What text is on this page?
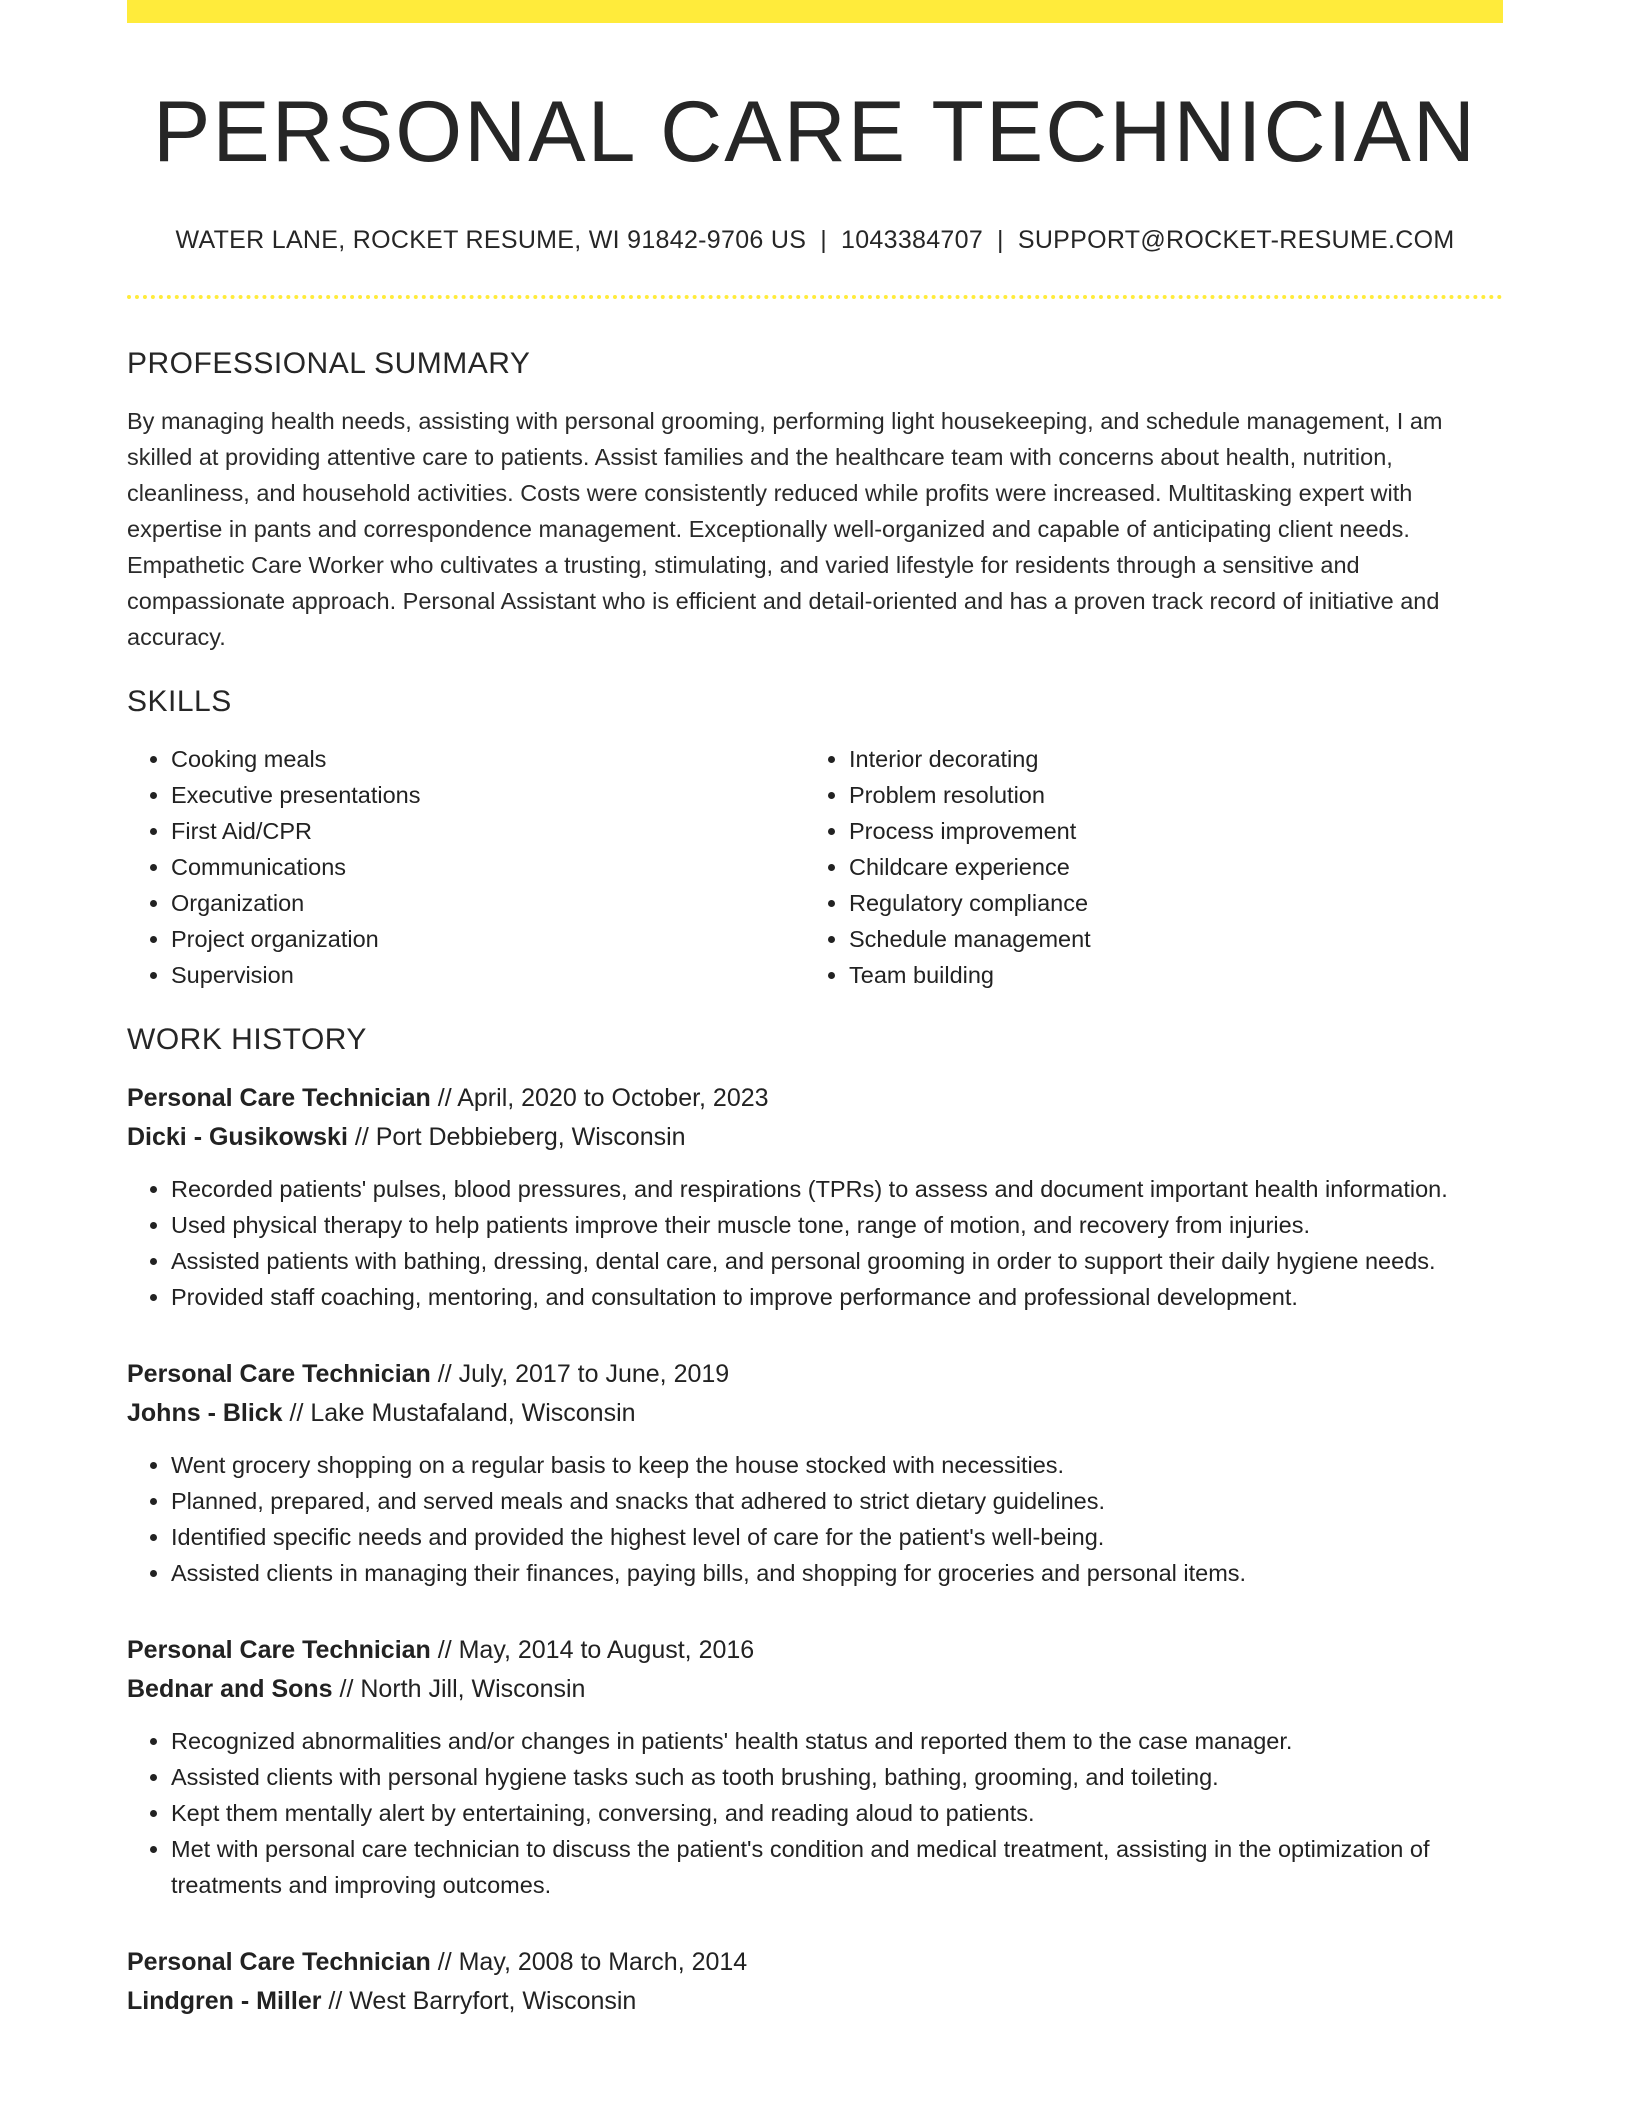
PERSONAL CARE TECHNICIAN
WATER LANE, ROCKET RESUME, WI 91842-9706 US | 1043384707 | SUPPORT@ROCKET-RESUME.COM
PROFESSIONAL SUMMARY

By managing health needs, assisting with personal grooming, performing light housekeeping, and schedule management, I am skilled at providing attentive care to patients. Assist families and the healthcare team with concerns about health, nutrition, cleanliness, and household activities. Costs were consistently reduced while profits were increased. Multitasking expert with expertise in pants and correspondence management. Exceptionally well-organized and capable of anticipating client needs. Empathetic Care Worker who cultivates a trusting, stimulating, and varied lifestyle for residents through a sensitive and compassionate approach. Personal Assistant who is efficient and detail-oriented and has a proven track record of initiative and accuracy.

SKILLS
• Cooking meals
• Executive presentations
• First Aid/CPR
• Communications
• Organization
• Project organization
• Supervision
• Interior decorating
• Problem resolution
• Process improvement
• Childcare experience
• Regulatory compliance
• Schedule management
• Team building
WORK HISTORY
Personal Care Technician // April, 2020 to October, 2023
Dicki - Gusikowski // Port Debbieberg, Wisconsin
• Recorded patients' pulses, blood pressures, and respirations (TPRs) to assess and document important health information.
• Used physical therapy to help patients improve their muscle tone, range of motion, and recovery from injuries.
• Assisted patients with bathing, dressing, dental care, and personal grooming in order to support their daily hygiene needs.
• Provided staff coaching, mentoring, and consultation to improve performance and professional development.
Personal Care Technician // July, 2017 to June, 2019
Johns - Blick // Lake Mustafaland, Wisconsin
• Went grocery shopping on a regular basis to keep the house stocked with necessities.
• Planned, prepared, and served meals and snacks that adhered to strict dietary guidelines.
• Identified specific needs and provided the highest level of care for the patient's well-being.
• Assisted clients in managing their finances, paying bills, and shopping for groceries and personal items.
Personal Care Technician // May, 2014 to August, 2016
Bednar and Sons // North Jill, Wisconsin
• Recognized abnormalities and/or changes in patients' health status and reported them to the case manager.
• Assisted clients with personal hygiene tasks such as tooth brushing, bathing, grooming, and toileting.
• Kept them mentally alert by entertaining, conversing, and reading aloud to patients.
• Met with personal care technician to discuss the patient's condition and medical treatment, assisting in the optimization of treatments and improving outcomes.
Personal Care Technician // May, 2008 to March, 2014
Lindgren - Miller // West Barryfort, Wisconsin
